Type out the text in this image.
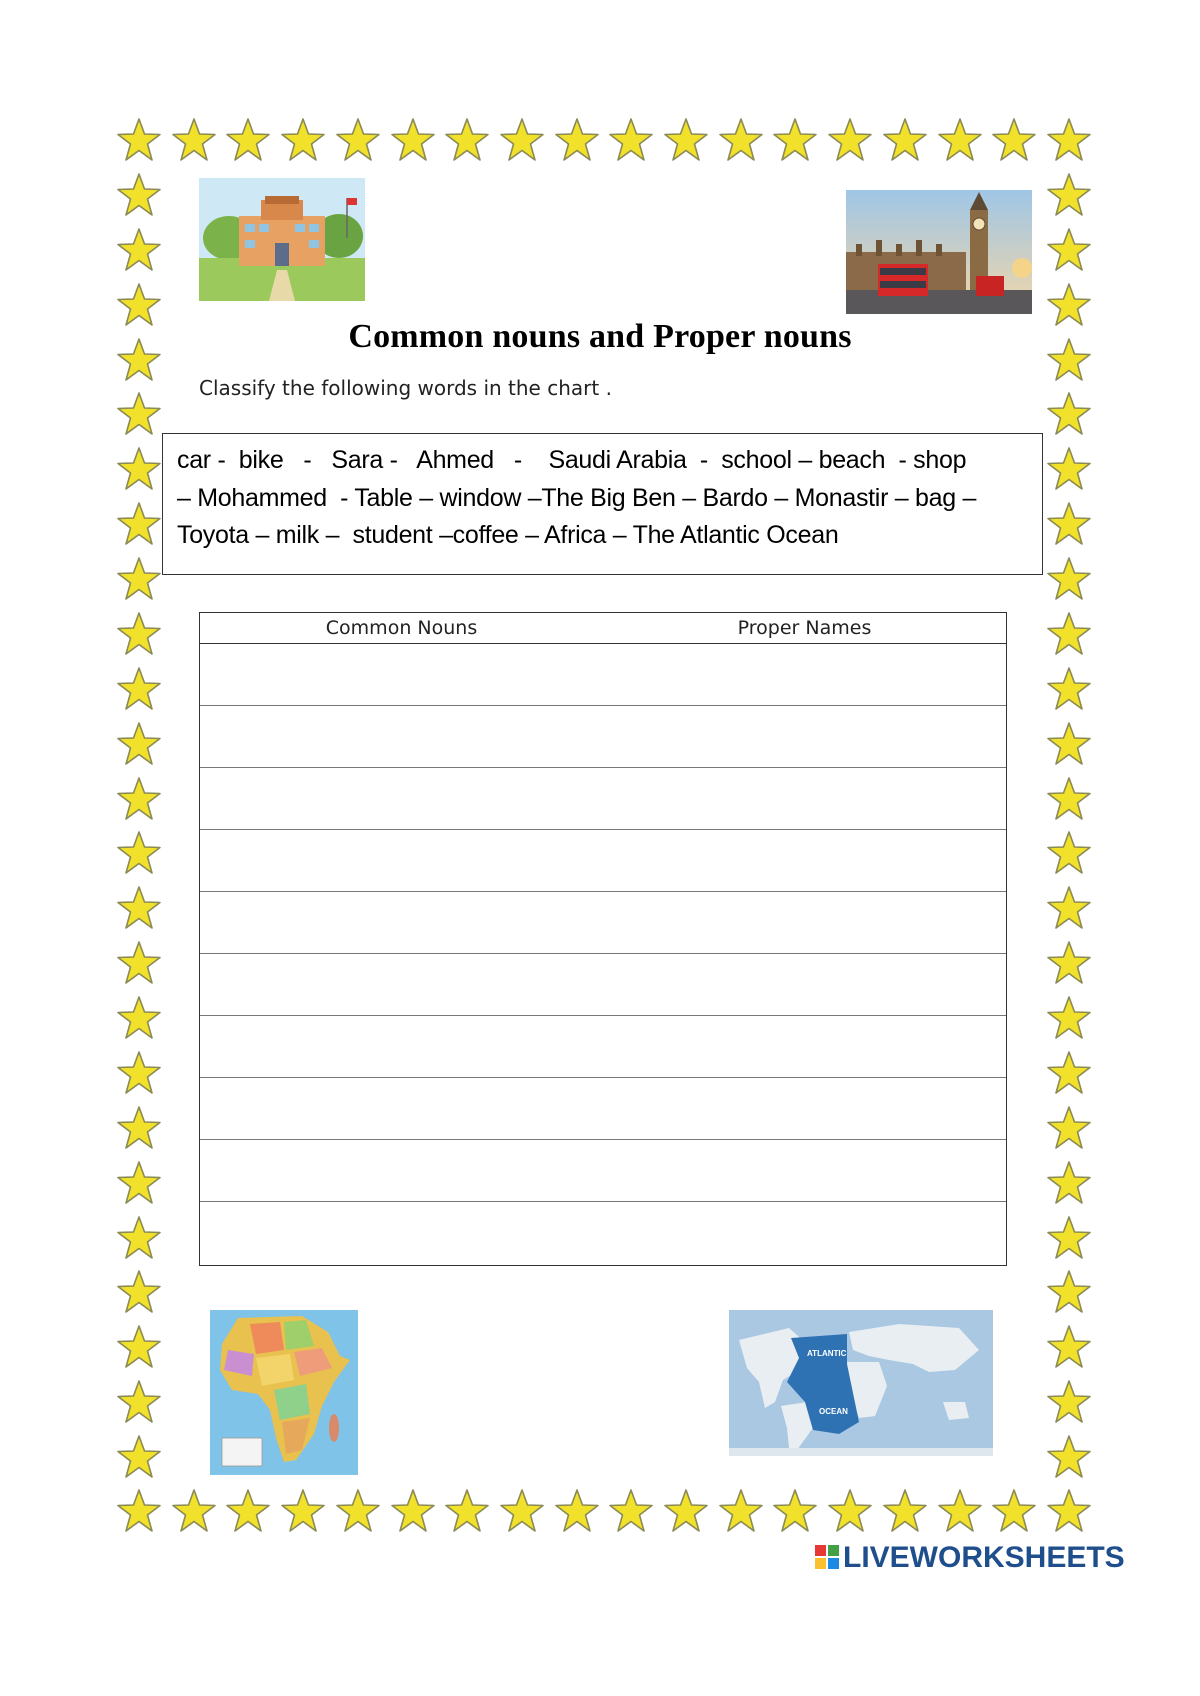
Common nouns and Proper nouns
Classify the following words in the chart .
car -  bike   -   Sara -   Ahmed   -    Saudi Arabia  -  school – beach  - shop
– Mohammed  - Table – window –The Big Ben – Bardo – Monastir – bag –
Toyota – milk –  student –coffee – Africa – The Atlantic Ocean
Common Nouns	Proper Names
ATLANTIC
OCEAN
LIVEWORKSHEETS
